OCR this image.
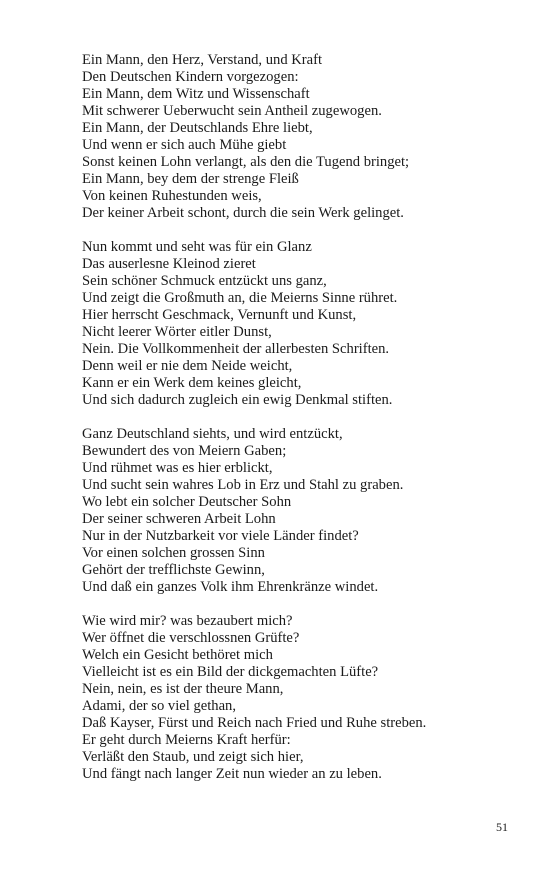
Ein Mann, den Herz, Verstand, und Kraft
Den Deutschen Kindern vorgezogen:
Ein Mann, dem Witz und Wissenschaft
Mit schwerer Ueberwucht sein Antheil zugewogen.
Ein Mann, der Deutschlands Ehre liebt,
Und wenn er sich auch Mühe giebt
Sonst keinen Lohn verlangt, als den die Tugend bringet;
Ein Mann, bey dem der strenge Fleiß
Von keinen Ruhestunden weis,
Der keiner Arbeit schont, durch die sein Werk gelinget.
Nun kommt und seht was für ein Glanz
Das auserlesne Kleinod zieret
Sein schöner Schmuck entzückt uns ganz,
Und zeigt die Großmuth an, die Meierns Sinne rühret.
Hier herrscht Geschmack, Vernunft und Kunst,
Nicht leerer Wörter eitler Dunst,
Nein. Die Vollkommenheit der allerbesten Schriften.
Denn weil er nie dem Neide weicht,
Kann er ein Werk dem keines gleicht,
Und sich dadurch zugleich ein ewig Denkmal stiften.
Ganz Deutschland siehts, und wird entzückt,
Bewundert des von Meiern Gaben;
Und rühmet was es hier erblickt,
Und sucht sein wahres Lob in Erz und Stahl zu graben.
Wo lebt ein solcher Deutscher Sohn
Der seiner schweren Arbeit Lohn
Nur in der Nutzbarkeit vor viele Länder findet?
Vor einen solchen grossen Sinn
Gehört der trefflichste Gewinn,
Und daß ein ganzes Volk ihm Ehrenkränze windet.
Wie wird mir? was bezaubert mich?
Wer öffnet die verschlossnen Grüfte?
Welch ein Gesicht bethöret mich
Vielleicht ist es ein Bild der dickgemachten Lüfte?
Nein, nein, es ist der theure Mann,
Adami, der so viel gethan,
Daß Kayser, Fürst und Reich nach Fried und Ruhe streben.
Er geht durch Meierns Kraft herfür:
Verläßt den Staub, und zeigt sich hier,
Und fängt nach langer Zeit nun wieder an zu leben.
51
